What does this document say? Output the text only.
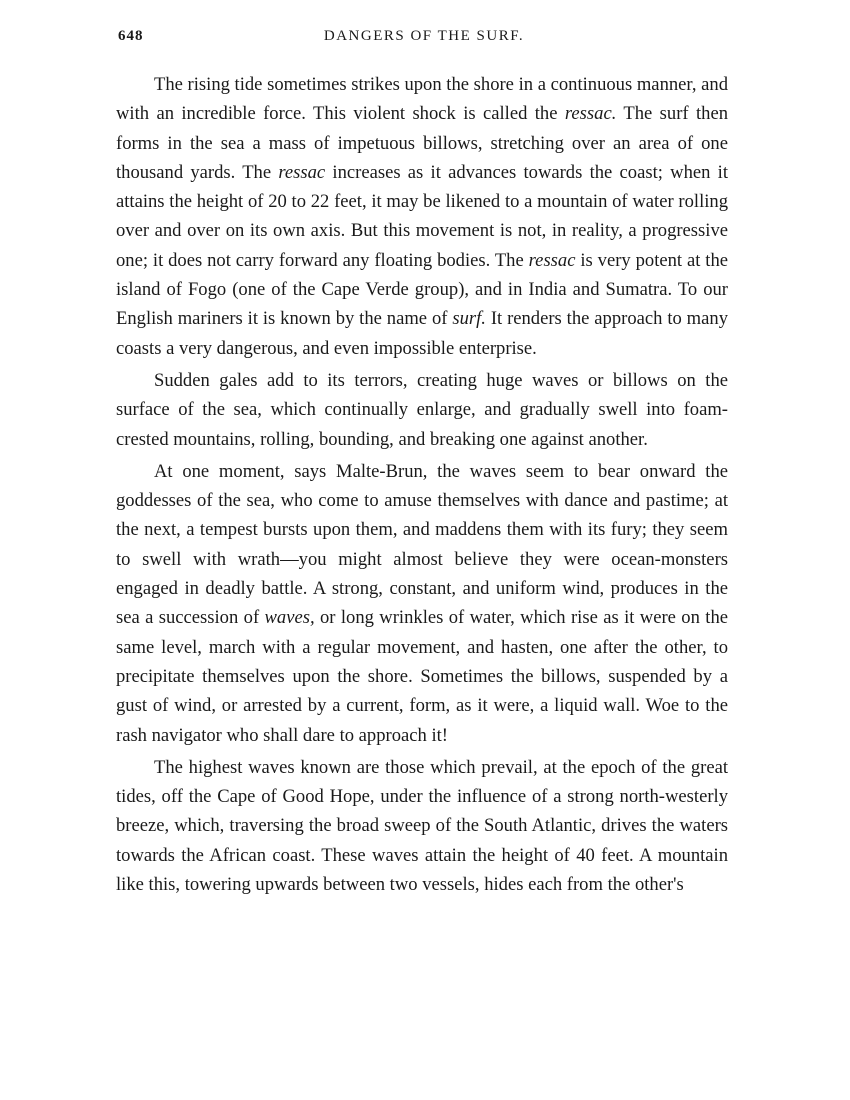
648	DANGERS OF THE SURF.

The rising tide sometimes strikes upon the shore in a continuous manner, and with an incredible force. This violent shock is called the ressac. The surf then forms in the sea a mass of impetuous billows, stretching over an area of one thousand yards. The ressac increases as it advances towards the coast; when it attains the height of 20 to 22 feet, it may be likened to a mountain of water rolling over and over on its own axis. But this movement is not, in reality, a progressive one; it does not carry forward any floating bodies. The ressac is very potent at the island of Fogo (one of the Cape Verde group), and in India and Sumatra. To our English mariners it is known by the name of surf. It renders the approach to many coasts a very dangerous, and even impossible enterprise.

Sudden gales add to its terrors, creating huge waves or billows on the surface of the sea, which continually enlarge, and gradually swell into foam-crested mountains, rolling, bounding, and breaking one against another.

At one moment, says Malte-Brun, the waves seem to bear onward the goddesses of the sea, who come to amuse themselves with dance and pastime; at the next, a tempest bursts upon them, and maddens them with its fury; they seem to swell with wrath—you might almost believe they were ocean-monsters engaged in deadly battle. A strong, constant, and uniform wind, produces in the sea a succession of waves, or long wrinkles of water, which rise as it were on the same level, march with a regular movement, and hasten, one after the other, to precipitate themselves upon the shore. Sometimes the billows, suspended by a gust of wind, or arrested by a current, form, as it were, a liquid wall. Woe to the rash navigator who shall dare to approach it!

The highest waves known are those which prevail, at the epoch of the great tides, off the Cape of Good Hope, under the influence of a strong north-westerly breeze, which, traversing the broad sweep of the South Atlantic, drives the waters towards the African coast. These waves attain the height of 40 feet. A mountain like this, towering upwards between two vessels, hides each from the other's
